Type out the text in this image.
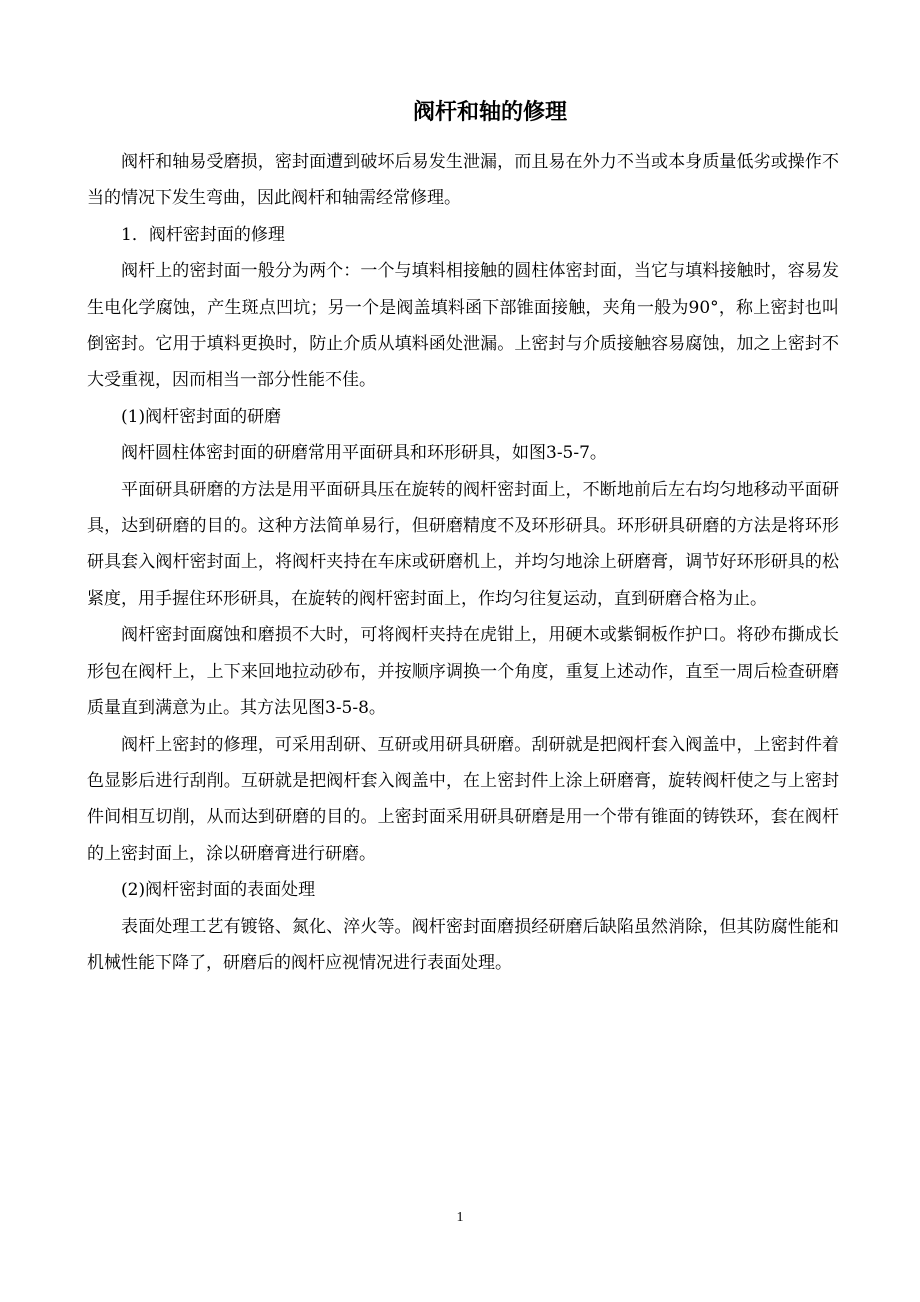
阀杆和轴的修理

阀杆和轴易受磨损，密封面遭到破坏后易发生泄漏，而且易在外力不当或本身质量低劣或操作不当的情况下发生弯曲，因此阀杆和轴需经常修理。

1．阀杆密封面的修理

阀杆上的密封面一般分为两个：一个与填料相接触的圆柱体密封面，当它与填料接触时，容易发生电化学腐蚀，产生斑点凹坑；另一个是阀盖填料函下部锥面接触，夹角一般为90°，称上密封也叫倒密封。它用于填料更换时，防止介质从填料函处泄漏。上密封与介质接触容易腐蚀，加之上密封不大受重视，因而相当一部分性能不佳。

(1)阀杆密封面的研磨

阀杆圆柱体密封面的研磨常用平面研具和环形研具，如图3-5-7。

平面研具研磨的方法是用平面研具压在旋转的阀杆密封面上，不断地前后左右均匀地移动平面研具，达到研磨的目的。这种方法简单易行，但研磨精度不及环形研具。环形研具研磨的方法是将环形研具套入阀杆密封面上，将阀杆夹持在车床或研磨机上，并均匀地涂上研磨膏，调节好环形研具的松紧度，用手握住环形研具，在旋转的阀杆密封面上，作均匀往复运动，直到研磨合格为止。

阀杆密封面腐蚀和磨损不大时，可将阀杆夹持在虎钳上，用硬木或紫铜板作护口。将砂布撕成长形包在阀杆上，上下来回地拉动砂布，并按顺序调换一个角度，重复上述动作，直至一周后检查研磨质量直到满意为止。其方法见图3-5-8。

阀杆上密封的修理，可采用刮研、互研或用研具研磨。刮研就是把阀杆套入阀盖中，上密封件着色显影后进行刮削。互研就是把阀杆套入阀盖中，在上密封件上涂上研磨膏，旋转阀杆使之与上密封件间相互切削，从而达到研磨的目的。上密封面采用研具研磨是用一个带有锥面的铸铁环，套在阀杆的上密封面上，涂以研磨膏进行研磨。

(2)阀杆密封面的表面处理

表面处理工艺有镀铬、氮化、淬火等。阀杆密封面磨损经研磨后缺陷虽然消除，但其防腐性能和机械性能下降了，研磨后的阀杆应视情况进行表面处理。

1
